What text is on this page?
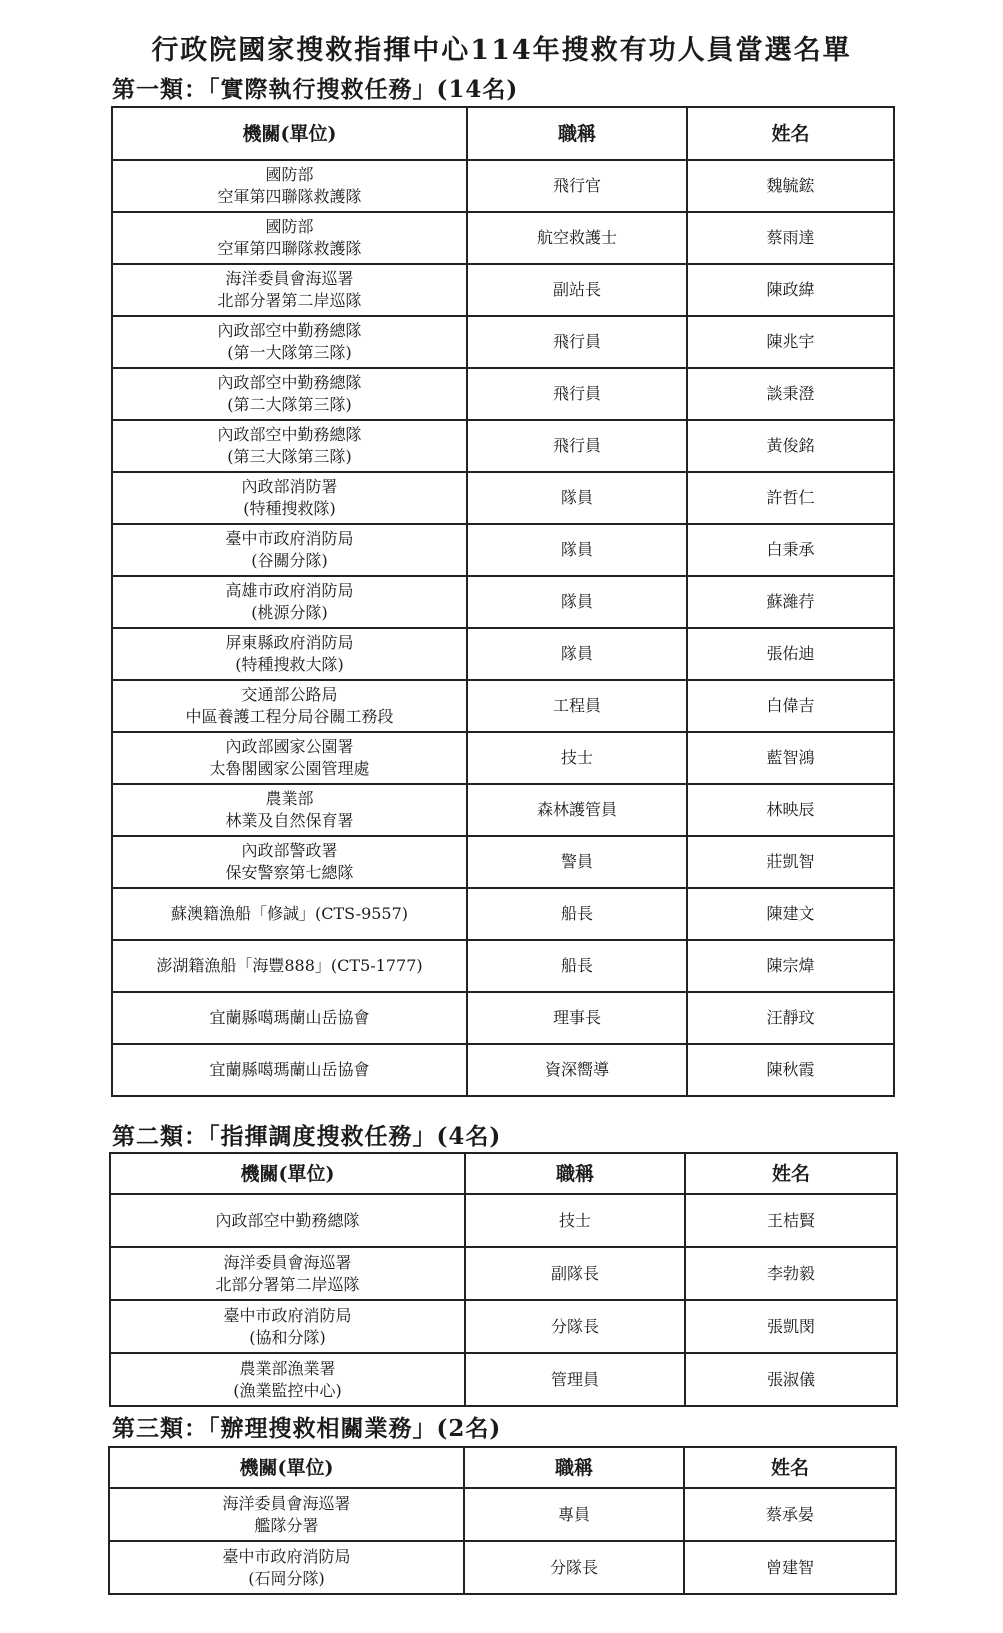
行政院國家搜救指揮中心114年搜救有功人員當選名單
第一類：「實際執行搜救任務」(14名)
機關(單位)	職稱	姓名

國防部
空軍第四聯隊救護隊	飛行官	魏毓鋐

國防部
空軍第四聯隊救護隊	航空救護士	蔡雨達

海洋委員會海巡署
北部分署第二岸巡隊	副站長	陳政緯

內政部空中勤務總隊
(第一大隊第三隊)	飛行員	陳兆宇

內政部空中勤務總隊
(第二大隊第三隊)	飛行員	談秉澄

內政部空中勤務總隊
(第三大隊第三隊)	飛行員	黃俊銘

內政部消防署
(特種搜救隊)	隊員	許哲仁

臺中市政府消防局
(谷關分隊)	隊員	白秉承

高雄市政府消防局
(桃源分隊)	隊員	蘇濰荇

屏東縣政府消防局
(特種搜救大隊)	隊員	張佑迪

交通部公路局
中區養護工程分局谷關工務段	工程員	白偉吉

內政部國家公園署
太魯閣國家公園管理處	技士	藍智鴻

農業部
林業及自然保育署	森林護管員	林映辰

內政部警政署
保安警察第七總隊	警員	莊凱智

蘇澳籍漁船「修誠」(CTS-9557)	船長	陳建文

澎湖籍漁船「海豐888」(CT5-1777)	船長	陳宗煒

宜蘭縣噶瑪蘭山岳協會	理事長	汪靜玟

宜蘭縣噶瑪蘭山岳協會	資深嚮導	陳秋霞
第二類：「指揮調度搜救任務」(4名)
機關(單位)	職稱	姓名

內政部空中勤務總隊	技士	王桔賢

海洋委員會海巡署
北部分署第二岸巡隊	副隊長	李勃毅

臺中市政府消防局
(協和分隊)	分隊長	張凱閔

農業部漁業署
(漁業監控中心)	管理員	張淑儀
第三類：「辦理搜救相關業務」(2名)
機關(單位)	職稱	姓名

海洋委員會海巡署
艦隊分署	專員	蔡承晏

臺中市政府消防局
(石岡分隊)	分隊長	曾建智
